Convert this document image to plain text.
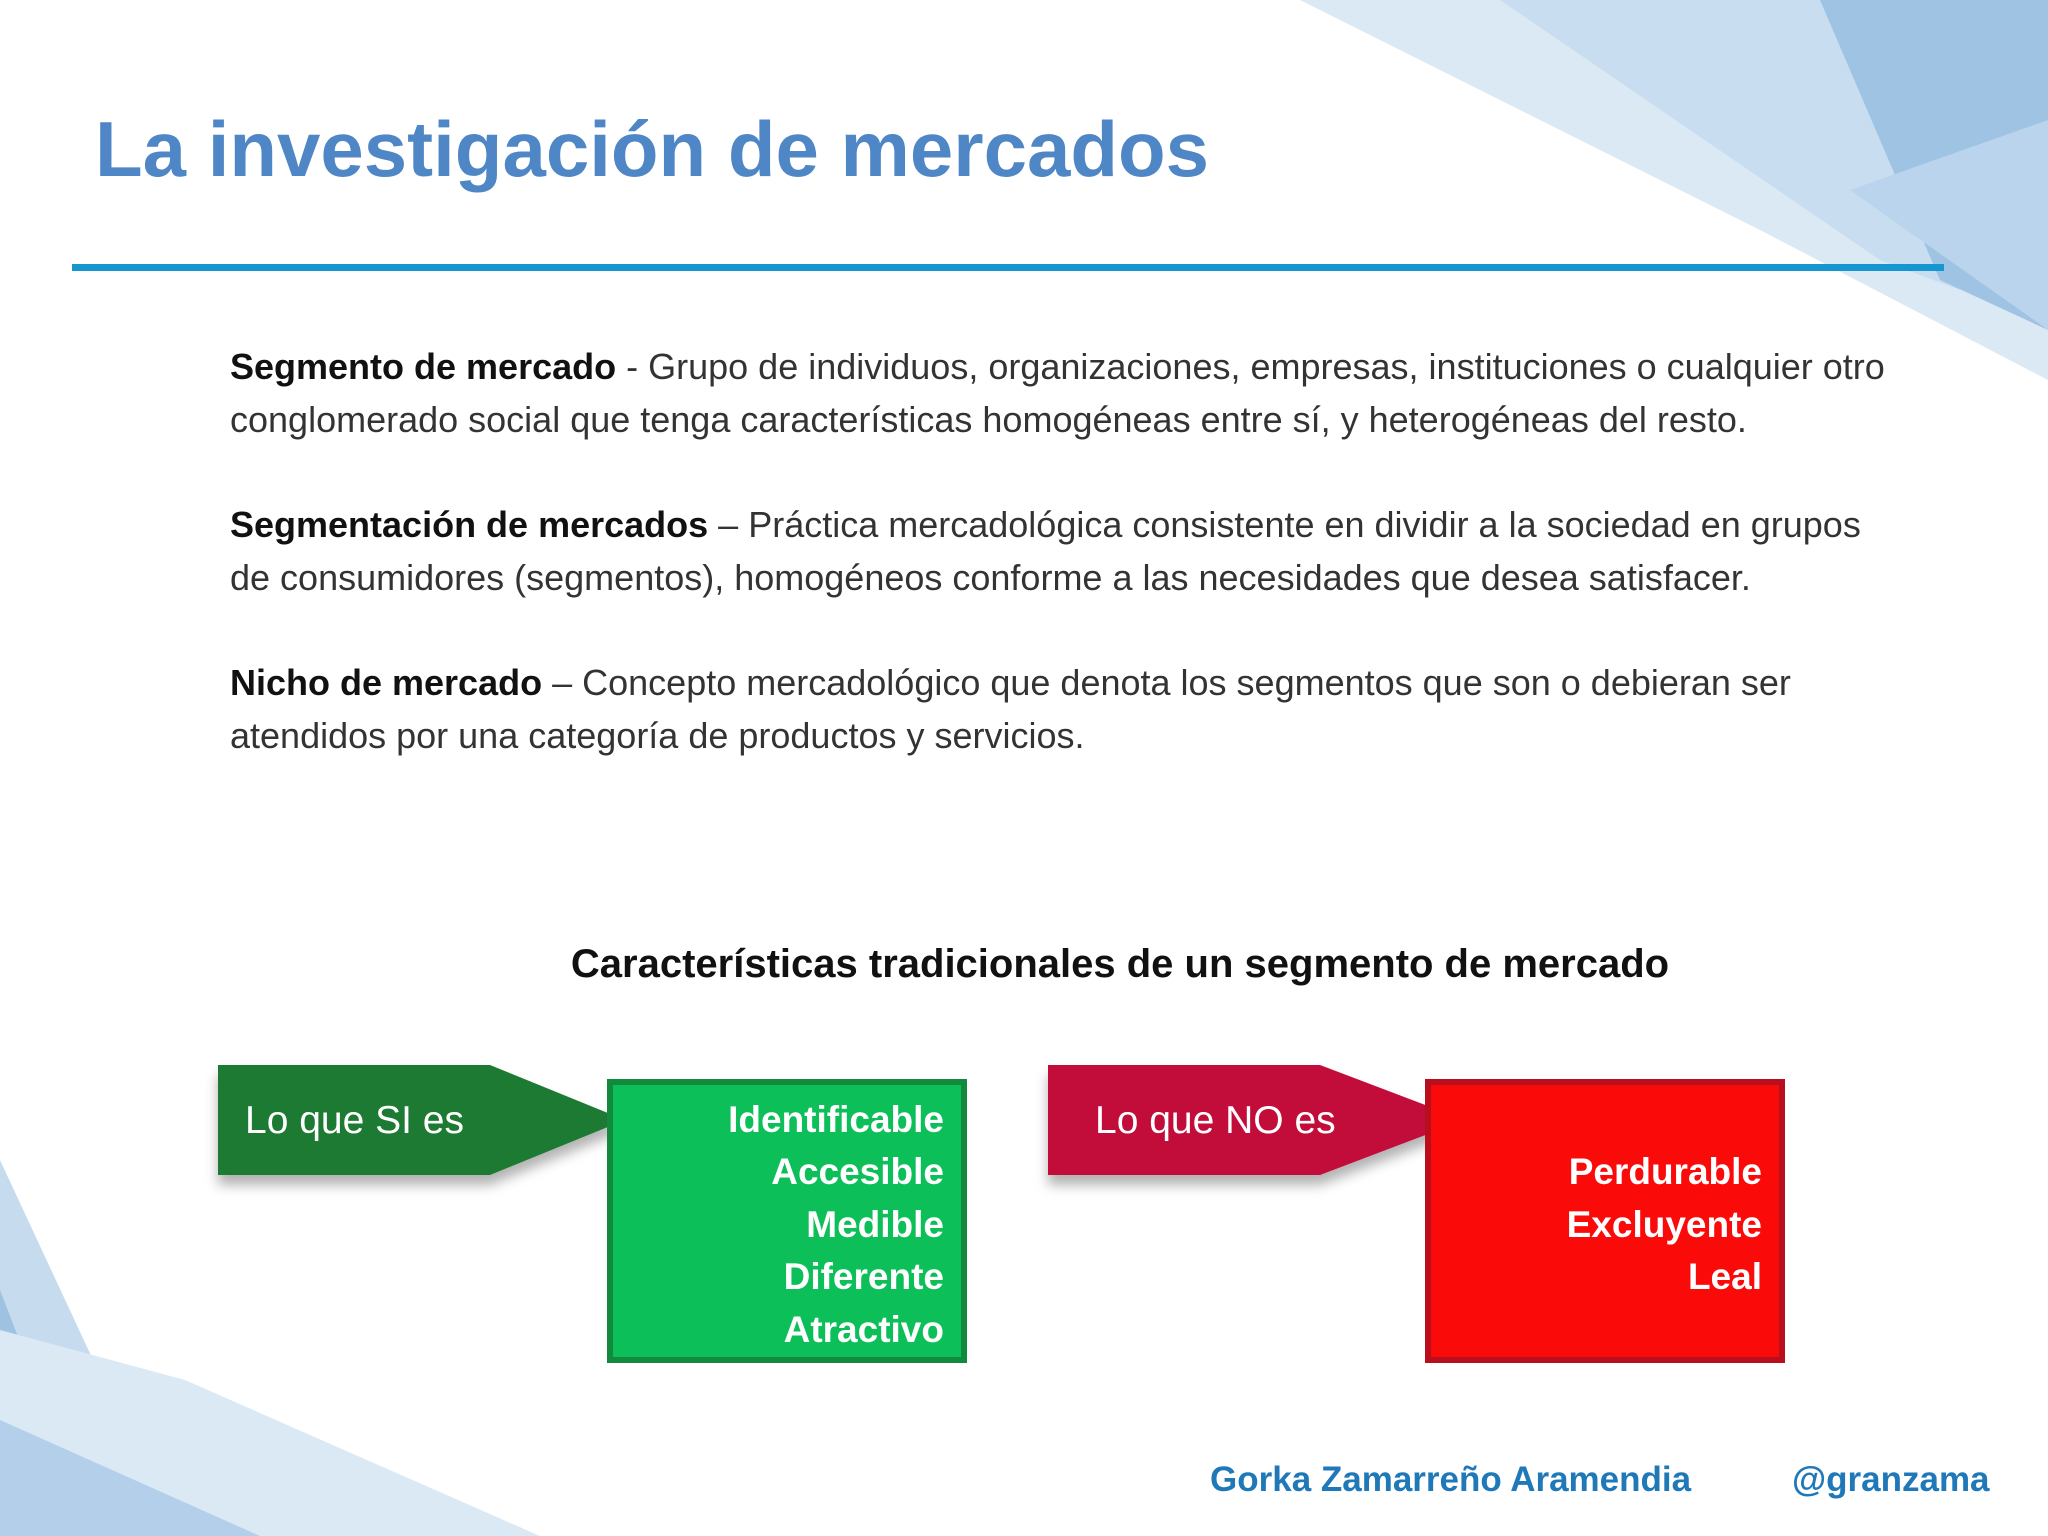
La investigación de mercados

Segmento de mercado - Grupo de individuos, organizaciones, empresas, instituciones o cualquier otro conglomerado social que tenga características homogéneas entre sí, y heterogéneas del resto.

Segmentación de mercados – Práctica mercadológica consistente en dividir a la sociedad en grupos de consumidores (segmentos), homogéneos conforme a las necesidades que desea satisfacer.

Nicho de mercado – Concepto mercadológico que denota los segmentos que son o debieran ser atendidos por una categoría de productos y servicios.

Características tradicionales de un segmento de mercado
Lo que SI es	Identificable
Accesible
Medible
Diferente
Atractivo
Lo que NO es
Perdurable
Excluyente
Leal
Gorka Zamarreño Aramendia	@granzama
